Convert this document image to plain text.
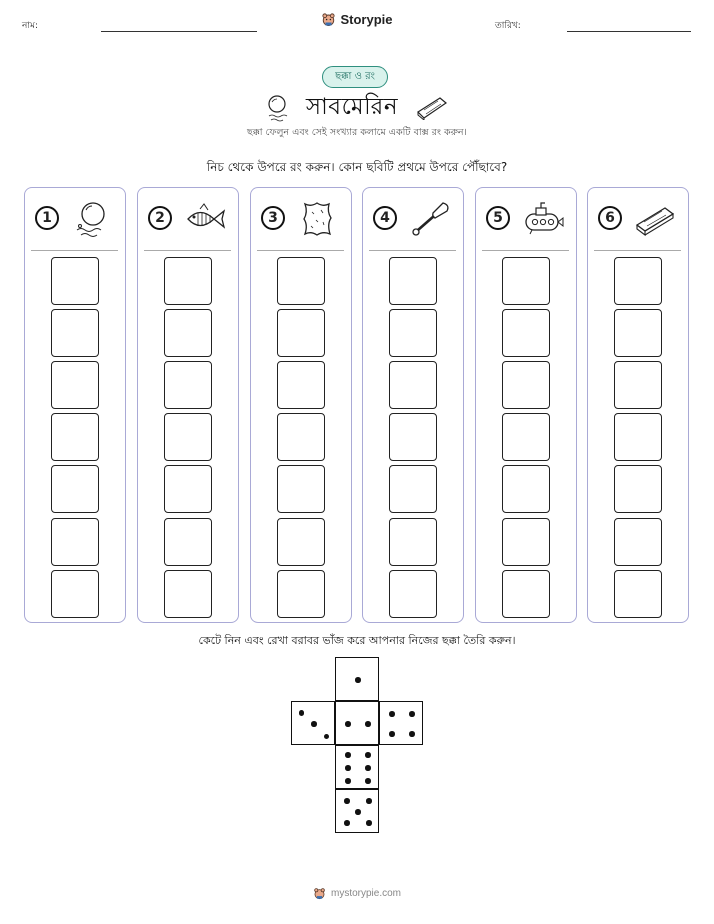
নাম:	Storypie	তারিখ:
ছক্কা ও রং
সাবমেরিন
ছক্কা ফেলুন এবং সেই সংখ্যার কলামে একটি বাক্স রং করুন।
নিচ থেকে উপরে রং করুন। কোন ছবিটি প্রথমে উপরে পৌঁছাবে?
1	2	3	4	5	6
কেটে নিন এবং রেখা বরাবর ভাঁজ করে আপনার নিজের ছক্কা তৈরি করুন।
mystorypie.com
